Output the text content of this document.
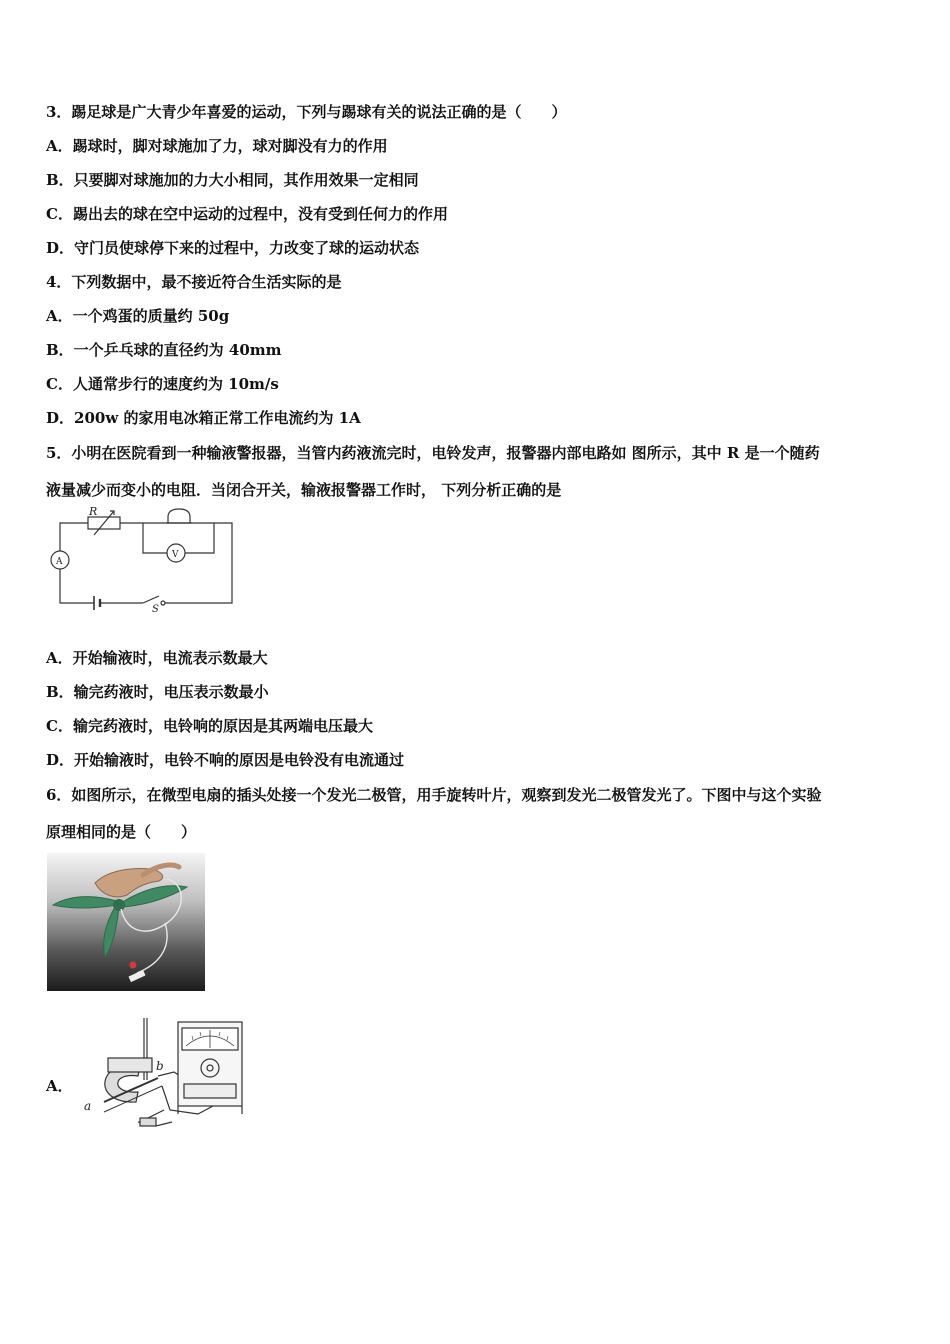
3．踢足球是广大青少年喜爱的运动，下列与踢球有关的说法正确的是（　　）
A．踢球时，脚对球施加了力，球对脚没有力的作用
B．只要脚对球施加的力大小相同，其作用效果一定相同
C．踢出去的球在空中运动的过程中，没有受到任何力的作用
D．守门员使球停下来的过程中，力改变了球的运动状态
4．下列数据中，最不接近符合生活实际的是
A．一个鸡蛋的质量约 50g
B．一个乒乓球的直径约为 40mm
C．人通常步行的速度约为 10m/s
D．200w 的家用电冰箱正常工作电流约为 1A
5．小明在医院看到一种输液警报器，当管内药液流完时，电铃发声，报警器内部电路如 图所示，其中 R 是一个随药
液量减少而变小的电阻．当闭合开关，输液报警器工作时， 下列分析正确的是
R
A
V
S
A．开始输液时，电流表示数最大
B．输完药液时，电压表示数最小
C．输完药液时，电铃响的原因是其两端电压最大
D．开始输液时，电铃不响的原因是电铃没有电流通过
6．如图所示，在微型电扇的插头处接一个发光二极管，用手旋转叶片，观察到发光二极管发光了。下图中与这个实验
原理相同的是（　　）
A．
a
b
